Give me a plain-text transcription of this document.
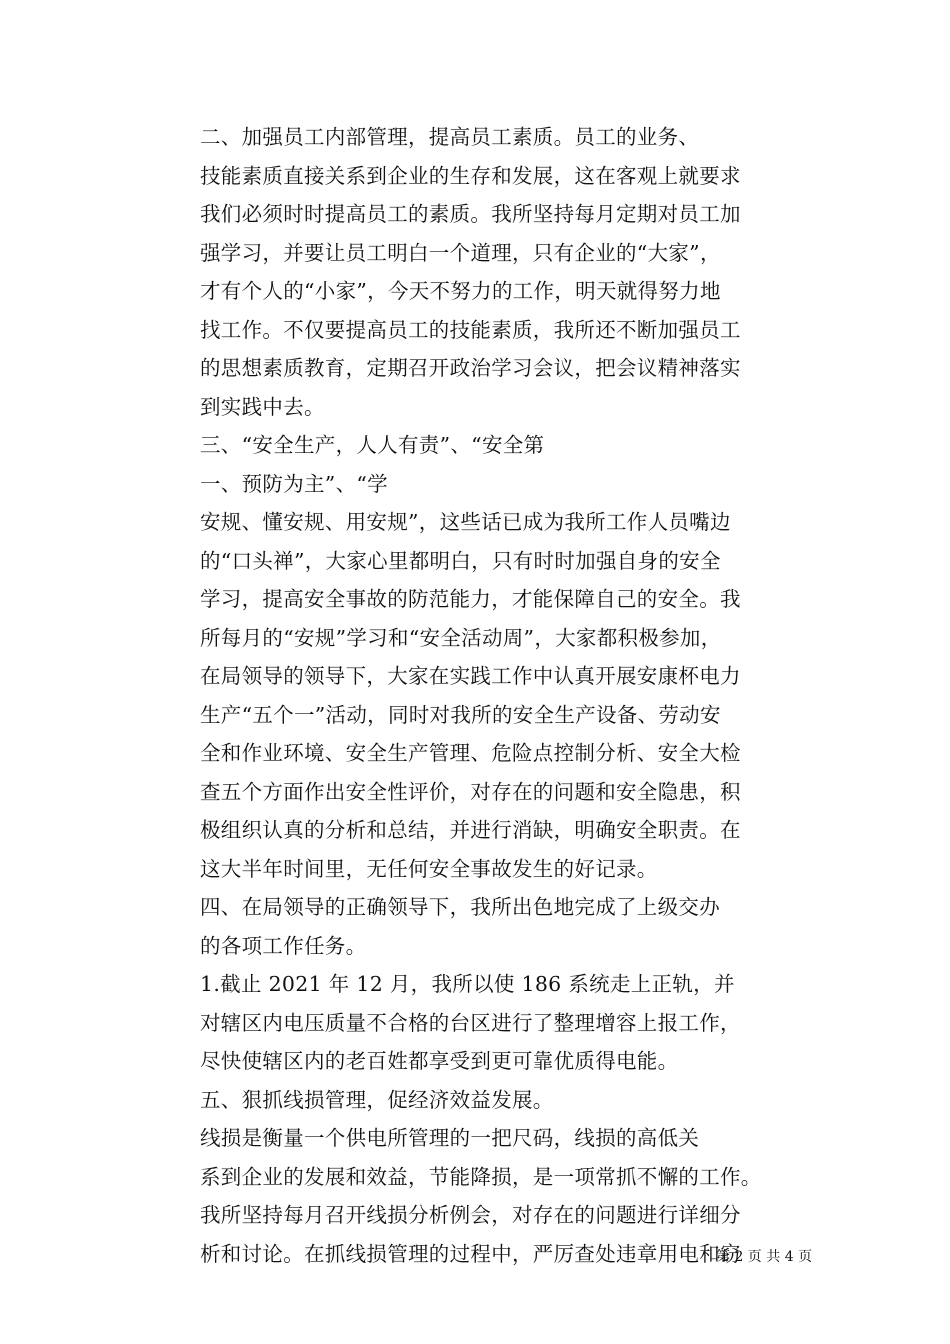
二、加强员工内部管理，提高员工素质。员工的业务、
技能素质直接关系到企业的生存和发展，这在客观上就要求
我们必须时时提高员工的素质。我所坚持每月定期对员工加
强学习，并要让员工明白一个道理，只有企业的“大家”，
才有个人的“小家”，今天不努力的工作，明天就得努力地
找工作。不仅要提高员工的技能素质，我所还不断加强员工
的思想素质教育，定期召开政治学习会议，把会议精神落实
到实践中去。
三、“安全生产，人人有责”、“安全第
一、预防为主”、“学
安规、懂安规、用安规”，这些话已成为我所工作人员嘴边
的“口头禅”，大家心里都明白，只有时时加强自身的安全
学习，提高安全事故的防范能力，才能保障自己的安全。我
所每月的“安规”学习和“安全活动周”，大家都积极参加，
在局领导的领导下，大家在实践工作中认真开展安康杯电力
生产“五个一”活动，同时对我所的安全生产设备、劳动安
全和作业环境、安全生产管理、危险点控制分析、安全大检
查五个方面作出安全性评价，对存在的问题和安全隐患，积
极组织认真的分析和总结，并进行消缺，明确安全职责。在
这大半年时间里，无任何安全事故发生的好记录。
四、在局领导的正确领导下，我所出色地完成了上级交办
的各项工作任务。
1.截止 2021 年 12 月，我所以使 186 系统走上正轨，并
对辖区内电压质量不合格的台区进行了整理增容上报工作，
尽快使辖区内的老百姓都享受到更可靠优质得电能。
五、狠抓线损管理，促经济效益发展。
线损是衡量一个供电所管理的一把尺码，线损的高低关
系到企业的发展和效益，节能降损，是一项常抓不懈的工作。
我所坚持每月召开线损分析例会，对存在的问题进行详细分
析和讨论。在抓线损管理的过程中，严厉查处违章用电和窃
第 2 页 共 4 页
